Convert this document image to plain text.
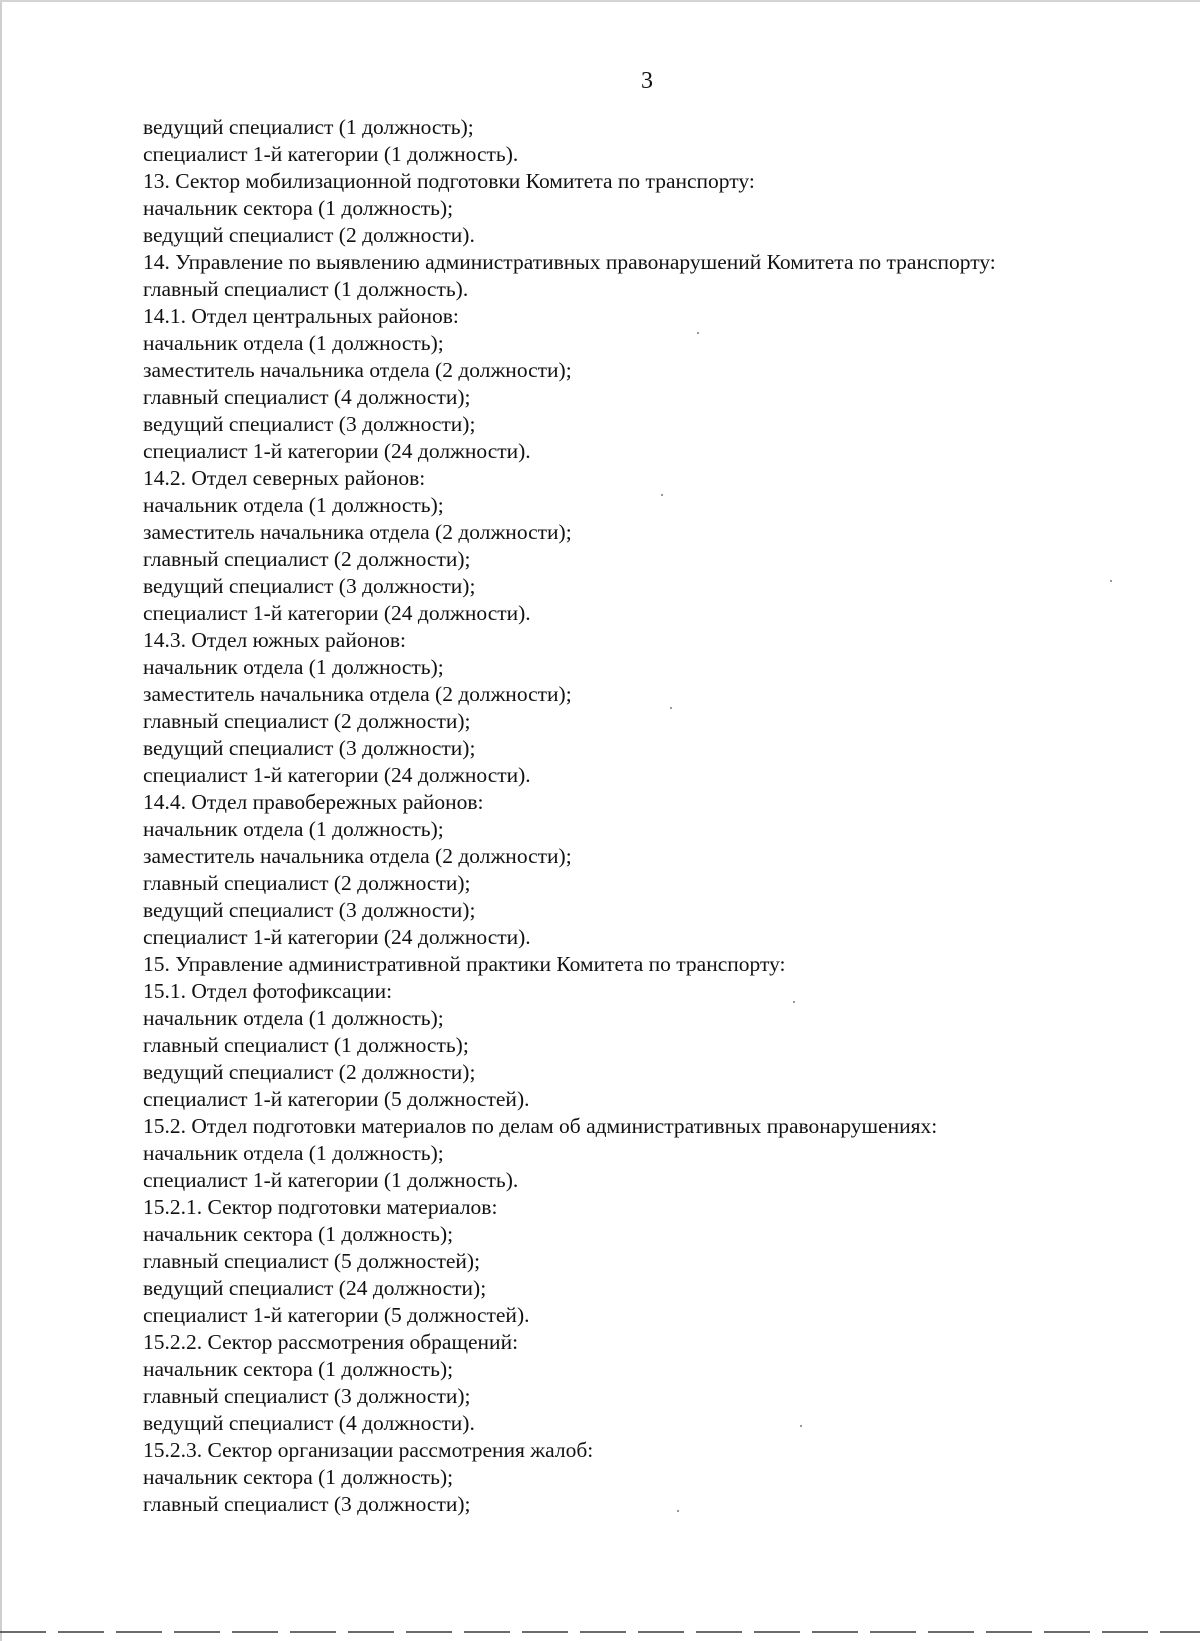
3
ведущий специалист (1 должность);
специалист 1-й категории (1 должность).
13. Сектор мобилизационной подготовки Комитета по транспорту:
начальник сектора (1 должность);
ведущий специалист (2 должности).
14. Управление по выявлению административных правонарушений Комитета по транспорту:
главный специалист (1 должность).
14.1. Отдел центральных районов:
начальник отдела (1 должность);
заместитель начальника отдела (2 должности);
главный специалист (4 должности);
ведущий специалист (3 должности);
специалист 1-й категории (24 должности).
14.2. Отдел северных районов:
начальник отдела (1 должность);
заместитель начальника отдела (2 должности);
главный специалист (2 должности);
ведущий специалист (3 должности);
специалист 1-й категории (24 должности).
14.3. Отдел южных районов:
начальник отдела (1 должность);
заместитель начальника отдела (2 должности);
главный специалист (2 должности);
ведущий специалист (3 должности);
специалист 1-й категории (24 должности).
14.4. Отдел правобережных районов:
начальник отдела (1 должность);
заместитель начальника отдела (2 должности);
главный специалист (2 должности);
ведущий специалист (3 должности);
специалист 1-й категории (24 должности).
15. Управление административной практики Комитета по транспорту:
15.1. Отдел фотофиксации:
начальник отдела (1 должность);
главный специалист (1 должность);
ведущий специалист (2 должности);
специалист 1-й категории (5 должностей).
15.2. Отдел подготовки материалов по делам об административных правонарушениях:
начальник отдела (1 должность);
специалист 1-й категории (1 должность).
15.2.1. Сектор подготовки материалов:
начальник сектора (1 должность);
главный специалист (5 должностей);
ведущий специалист (24 должности);
специалист 1-й категории (5 должностей).
15.2.2. Сектор рассмотрения обращений:
начальник сектора (1 должность);
главный специалист (3 должности);
ведущий специалист (4 должности).
15.2.3. Сектор организации рассмотрения жалоб:
начальник сектора (1 должность);
главный специалист (3 должности);
